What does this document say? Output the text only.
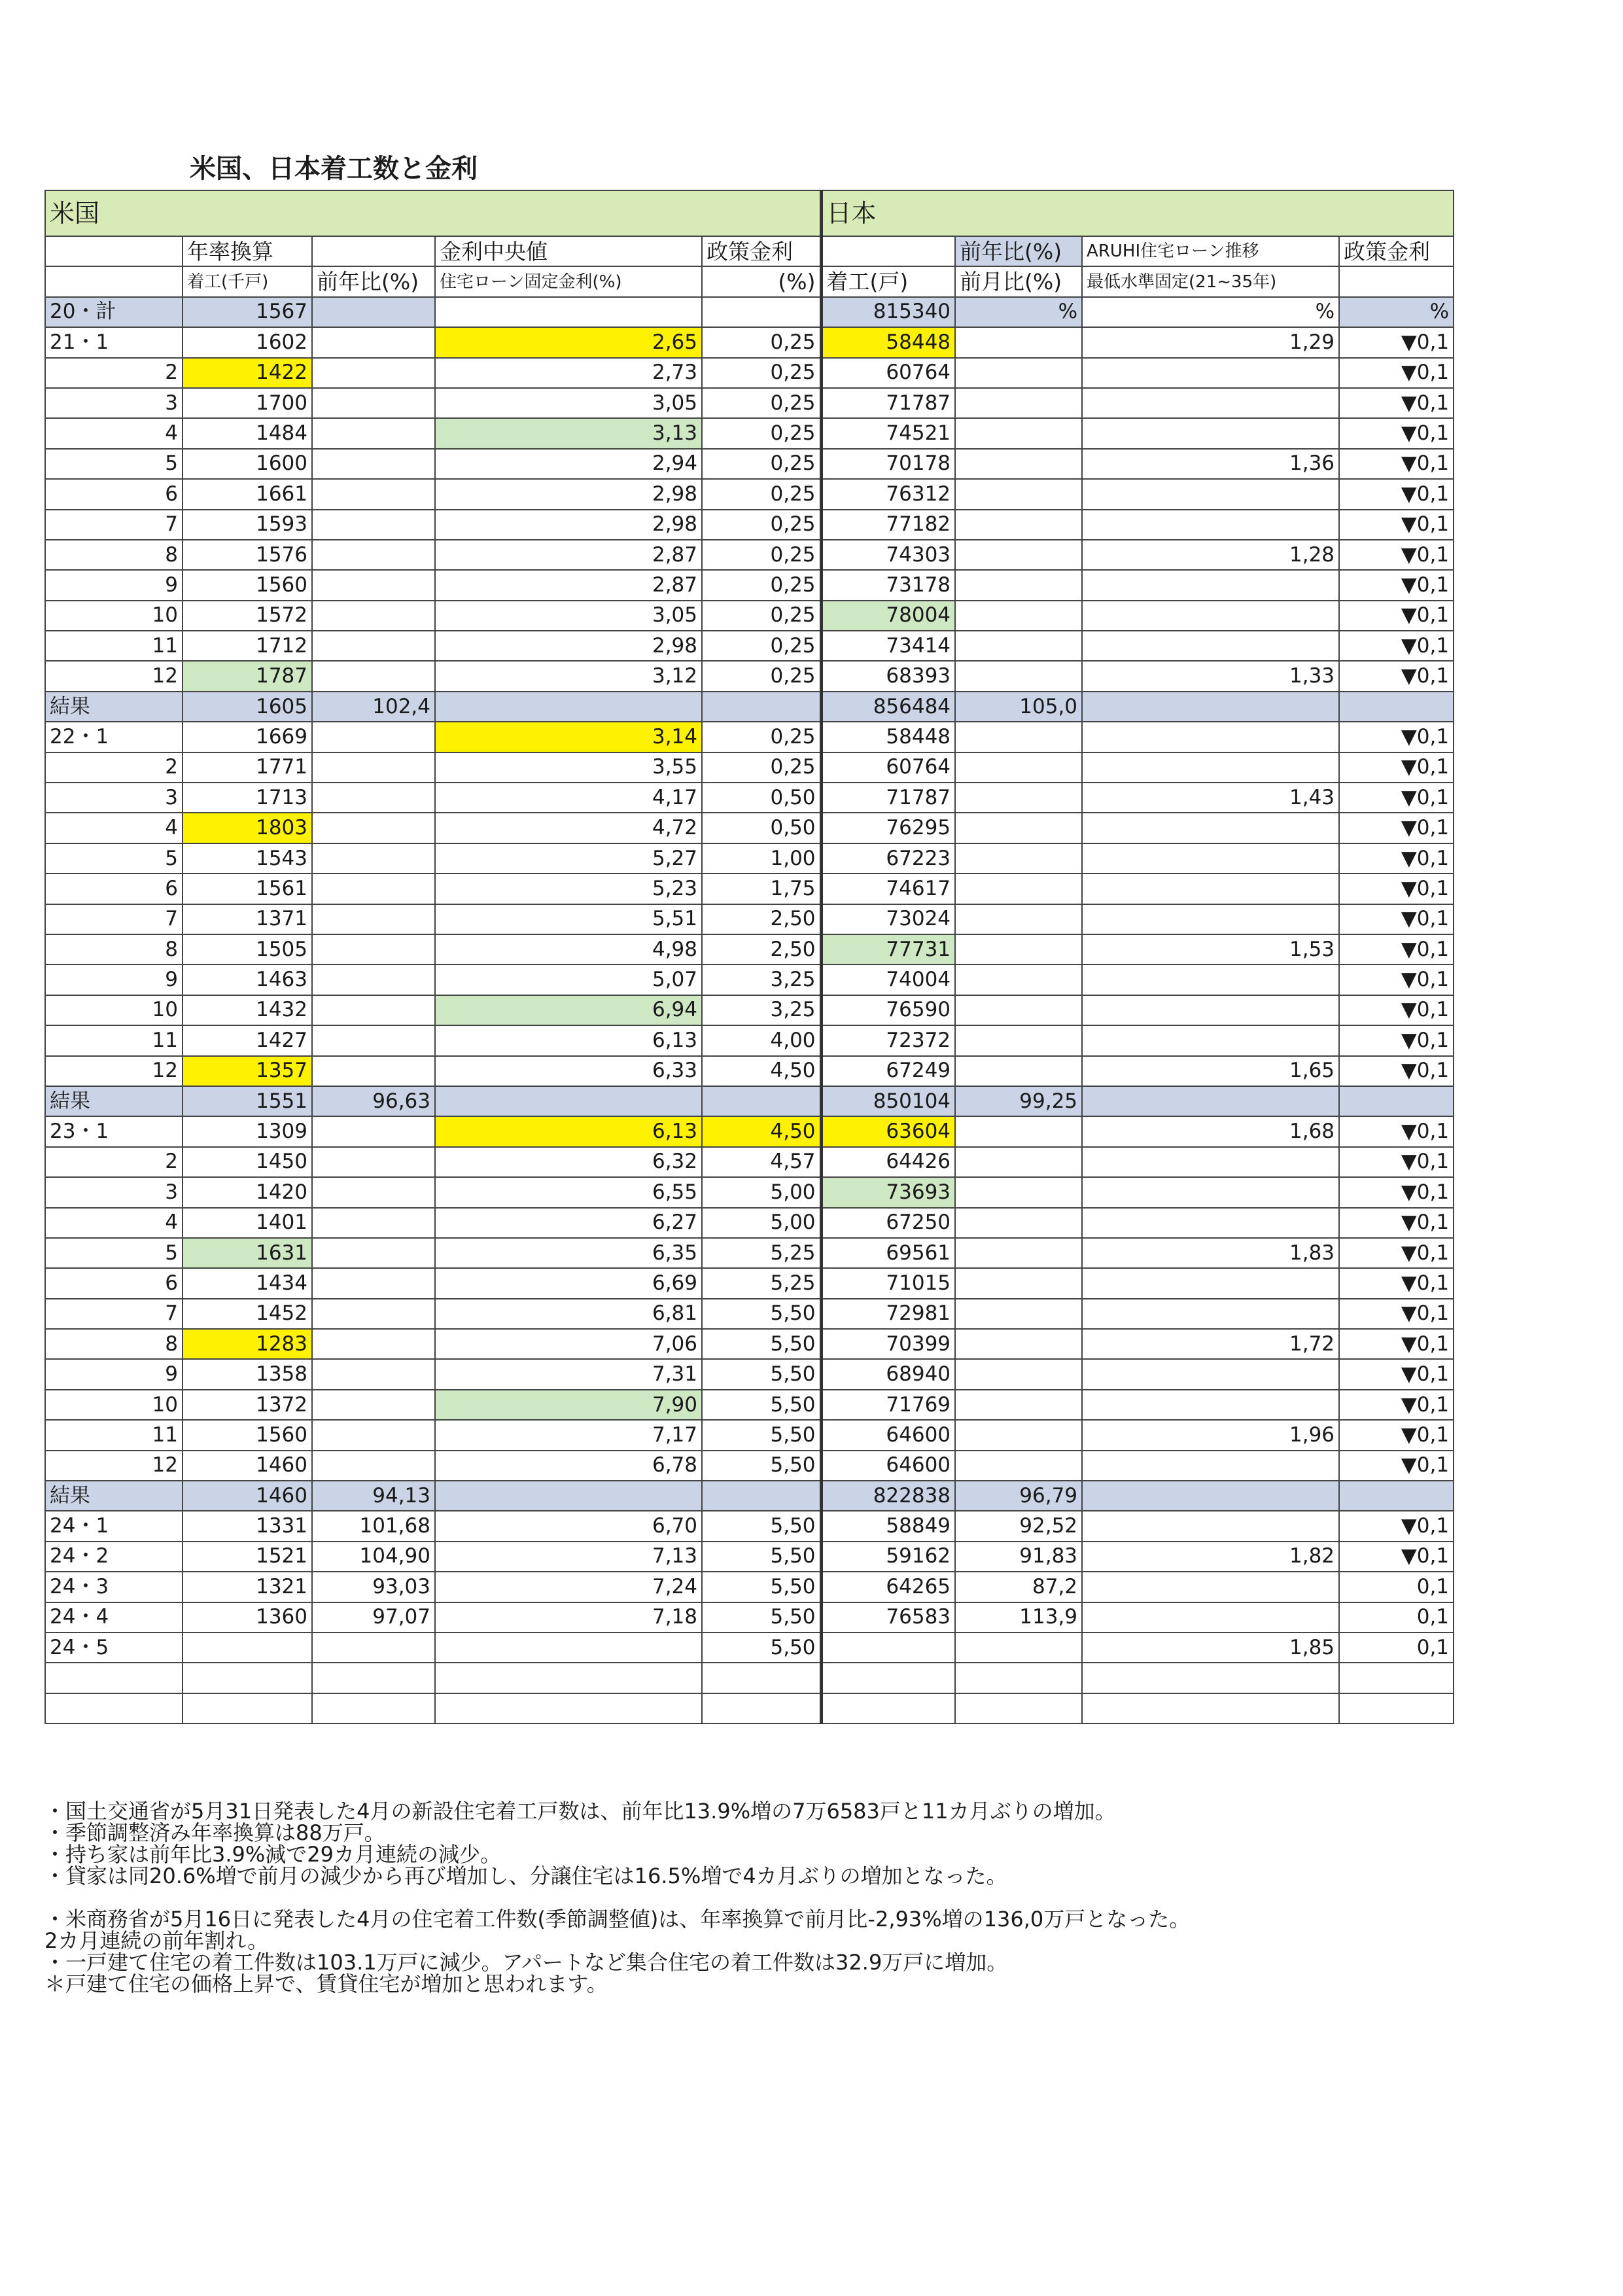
米国、日本着工数と金利
米国					日本			
	年率換算		金利中央値	政策金利		前年比(%)	ARUHI住宅ローン推移	政策金利
	着工(千戸)	前年比(%)	住宅ローン固定金利(%)	(%)	着工(戸)	前月比(%)	最低水準固定(21~35年)	
20・計	1567				815340	%	%	%
21・1	1602		2,65	0,25	58448		1,29	▼0,1
2	1422		2,73	0,25	60764			▼0,1
3	1700		3,05	0,25	71787			▼0,1
4	1484		3,13	0,25	74521			▼0,1
5	1600		2,94	0,25	70178		1,36	▼0,1
6	1661		2,98	0,25	76312			▼0,1
7	1593		2,98	0,25	77182			▼0,1
8	1576		2,87	0,25	74303		1,28	▼0,1
9	1560		2,87	0,25	73178			▼0,1
10	1572		3,05	0,25	78004			▼0,1
11	1712		2,98	0,25	73414			▼0,1
12	1787		3,12	0,25	68393		1,33	▼0,1
結果	1605	102,4			856484	105,0		
22・1	1669		3,14	0,25	58448			▼0,1
2	1771		3,55	0,25	60764			▼0,1
3	1713		4,17	0,50	71787		1,43	▼0,1
4	1803		4,72	0,50	76295			▼0,1
5	1543		5,27	1,00	67223			▼0,1
6	1561		5,23	1,75	74617			▼0,1
7	1371		5,51	2,50	73024			▼0,1
8	1505		4,98	2,50	77731		1,53	▼0,1
9	1463		5,07	3,25	74004			▼0,1
10	1432		6,94	3,25	76590			▼0,1
11	1427		6,13	4,00	72372			▼0,1
12	1357		6,33	4,50	67249		1,65	▼0,1
結果	1551	96,63			850104	99,25		
23・1	1309		6,13	4,50	63604		1,68	▼0,1
2	1450		6,32	4,57	64426			▼0,1
3	1420		6,55	5,00	73693			▼0,1
4	1401		6,27	5,00	67250			▼0,1
5	1631		6,35	5,25	69561		1,83	▼0,1
6	1434		6,69	5,25	71015			▼0,1
7	1452		6,81	5,50	72981			▼0,1
8	1283		7,06	5,50	70399		1,72	▼0,1
9	1358		7,31	5,50	68940			▼0,1
10	1372		7,90	5,50	71769			▼0,1
11	1560		7,17	5,50	64600		1,96	▼0,1
12	1460		6,78	5,50	64600			▼0,1
結果	1460	94,13			822838	96,79		
24・1	1331	101,68	6,70	5,50	58849	92,52		▼0,1
24・2	1521	104,90	7,13	5,50	59162	91,83	1,82	▼0,1
24・3	1321	93,03	7,24	5,50	64265	87,2		0,1
24・4	1360	97,07	7,18	5,50	76583	113,9		0,1
24・5				5,50			1,85	0,1

・国土交通省が5月31日発表した4月の新設住宅着工戸数は、前年比13.9%増の7万6583戸と11カ月ぶりの増加。
・季節調整済み年率換算は88万戸。
・持ち家は前年比3.9%減で29カ月連続の減少。
・貸家は同20.6%増で前月の減少から再び増加し、分譲住宅は16.5%増で4カ月ぶりの増加となった。
・米商務省が5月16日に発表した4月の住宅着工件数(季節調整値)は、年率換算で前月比-2,93%増の136,0万戸となった。
2カ月連続の前年割れ。
・一戸建て住宅の着工件数は103.1万戸に減少。アパートなど集合住宅の着工件数は32.9万戸に増加。
＊戸建て住宅の価格上昇で、賃貸住宅が増加と思われます。
